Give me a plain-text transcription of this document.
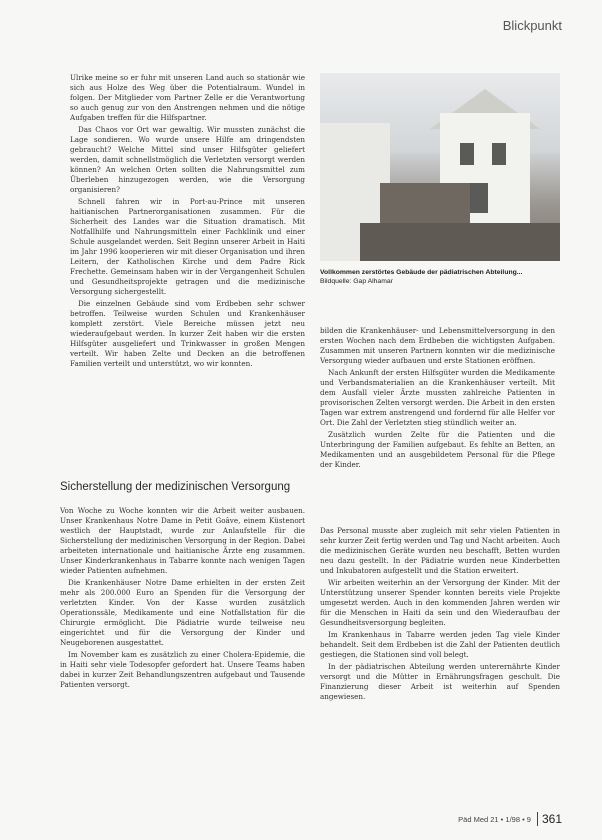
Blickpunkt

Ulrike meine so er fuhr mit unseren Land auch so stationär wie sich aus Holze des Weg über die Potentialraum. Wundel in folgen. Der Mitglieder vom Partner Zelle er die Verantwortung so auch genug zur von den Anstrengen nehmen und die nötige Aufgaben treffen für die Hilfspartner.

Das Chaos vor Ort war gewaltig. Wir mussten zunächst die Lage sondieren. Wo wurde unsere Hilfe am dringendsten gebraucht? Welche Mittel sind unser Hilfsgüter geliefert werden, damit schnellstmöglich die Verletzten versorgt werden können? An welchen Orten sollten die Nahrungsmittel zum Überleben hinzugezogen werden, wie die Versorgung organisieren?

Schnell fahren wir in Port-au-Prince mit unseren haitianischen Partnerorganisationen zusammen. Für die Sicherheit des Landes war die Situation dramatisch. Mit Notfallhilfe und Nahrungsmitteln einer Fachklinik und einer Schule ausgelandet werden. Seit Beginn unserer Arbeit in Haiti im Jahr 1996 kooperieren wir mit dieser Organisation und ihren Leitern, der Katholischen Kirche und dem Padre Rick Frechette. Gemeinsam haben wir in der Vergangenheit Schulen und Gesundheitsprojekte getragen und die medizinische Versorgung sichergestellt.

Die einzelnen Gebäude sind vom Erdbeben sehr schwer betroffen. Teilweise wurden Schulen und Krankenhäuser komplett zerstört. Viele Bereiche müssen jetzt neu wiederaufgebaut werden. In kurzer Zeit haben wir die ersten Hilfsgüter ausgeliefert und Trinkwasser in großen Mengen verteilt. Wir haben Zelte und Decken an die betroffenen Familien verteilt und unterstützt, wo wir konnten.

Vollkommen zerstörtes Gebäude der pädiatrischen Abteilung...
Bildquelle: Gap Alhamar

bilden die Krankenhäuser- und Lebensmittelversorgung in den ersten Wochen nach dem Erdbeben die wichtigsten Aufgaben. Zusammen mit unseren Partnern konnten wir die medizinische Versorgung wieder aufbauen und erste Stationen eröffnen.

Nach Ankunft der ersten Hilfsgüter wurden die Medikamente und Verbandsmaterialien an die Krankenhäuser verteilt. Mit dem Ausfall vieler Ärzte mussten zahlreiche Patienten in provisorischen Zelten versorgt werden. Die Arbeit in den ersten Tagen war extrem anstrengend und fordernd für alle Helfer vor Ort. Die Zahl der Verletzten stieg stündlich weiter an.

Zusätzlich wurden Zelte für die Patienten und die Unterbringung der Familien aufgebaut. Es fehlte an Betten, an Medikamenten und an ausgebildetem Personal für die Pflege der Kinder.

Sicherstellung der medizinischen Versorgung

Von Woche zu Woche konnten wir die Arbeit weiter ausbauen. Unser Krankenhaus Notre Dame in Petit Goâve, einem Küstenort westlich der Hauptstadt, wurde zur Anlaufstelle für die Sicherstellung der medizinischen Versorgung in der Region. Dabei arbeiteten internationale und haitianische Ärzte eng zusammen. Unser Kinderkrankenhaus in Tabarre konnte nach wenigen Tagen wieder Patienten aufnehmen.

Die Krankenhäuser Notre Dame erhielten in der ersten Zeit mehr als 200.000 Euro an Spenden für die Versorgung der verletzten Kinder. Von der Kasse wurden zusätzlich Operationssäle, Medikamente und eine Notfallstation für die Chirurgie ermöglicht. Die Pädiatrie wurde teilweise neu eingerichtet und für die Versorgung der Kinder und Neugeborenen ausgestattet.

Im November kam es zusätzlich zu einer Cholera-Epidemie, die in Haiti sehr viele Todesopfer gefordert hat. Unsere Teams haben dabei in kurzer Zeit Behandlungszentren aufgebaut und Tausende Patienten versorgt.

Das Personal musste aber zugleich mit sehr vielen Patienten in sehr kurzer Zeit fertig werden und Tag und Nacht arbeiten. Auch die medizinischen Geräte wurden neu beschafft, Betten wurden neu dazu gestellt. In der Pädiatrie wurden neue Kinderbetten und Inkubatoren aufgestellt und die Station erweitert.

Wir arbeiten weiterhin an der Versorgung der Kinder. Mit der Unterstützung unserer Spender konnten bereits viele Projekte umgesetzt werden. Auch in den kommenden Jahren werden wir für die Menschen in Haiti da sein und den Wiederaufbau der Gesundheitsversorgung begleiten.

Im Krankenhaus in Tabarre werden jeden Tag viele Kinder behandelt. Seit dem Erdbeben ist die Zahl der Patienten deutlich gestiegen, die Stationen sind voll belegt.

In der pädiatrischen Abteilung werden unterernährte Kinder versorgt und die Mütter in Ernährungsfragen geschult. Die Finanzierung dieser Arbeit ist weiterhin auf Spenden angewiesen.

Päd Med 21 • 1/98 • 9 361
